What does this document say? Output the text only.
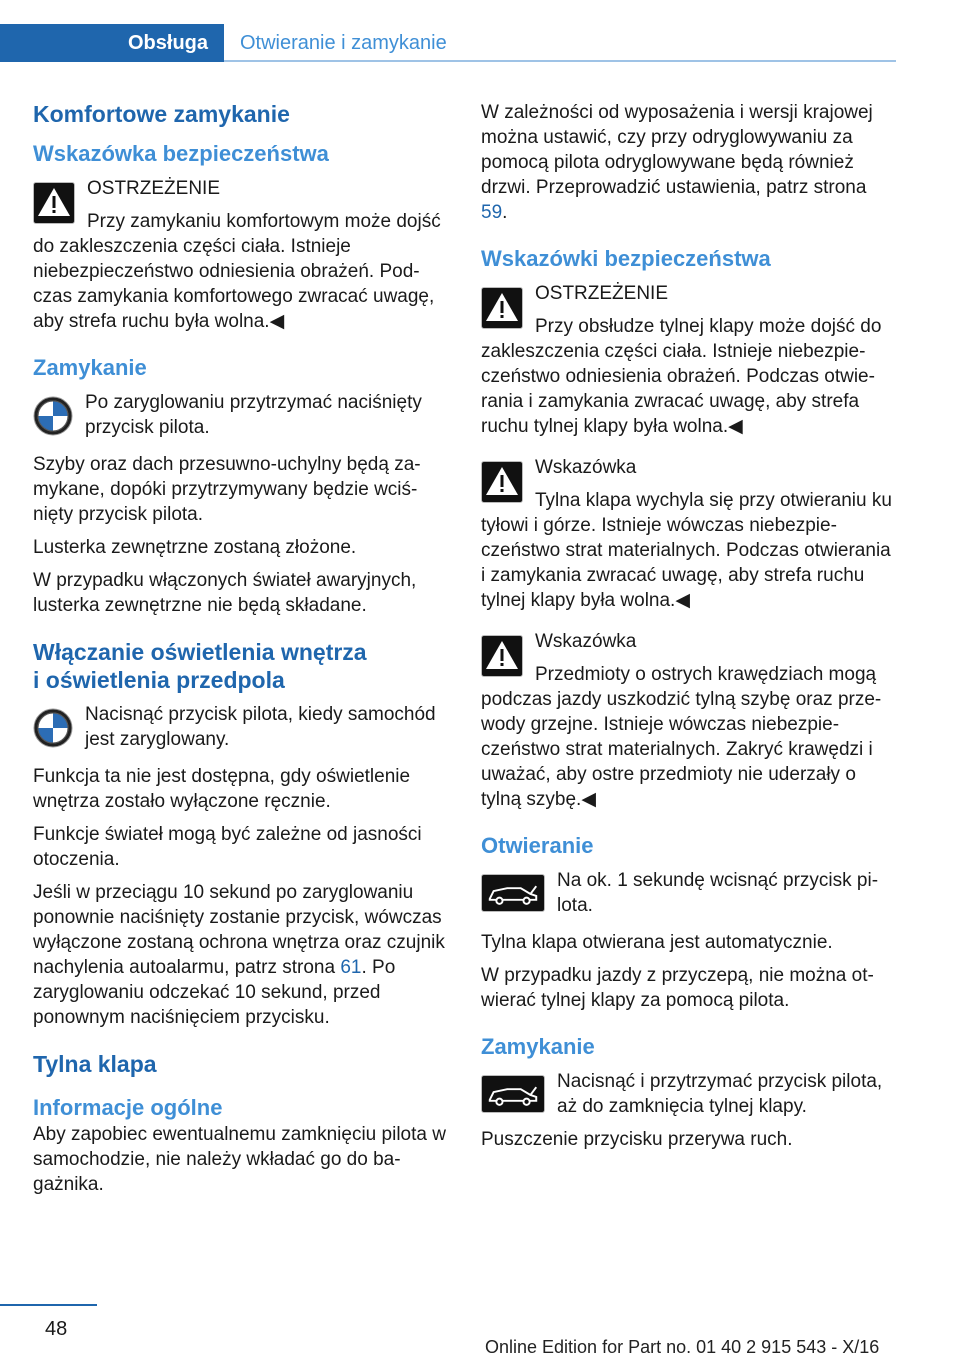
Obsługa Otwieranie i zamykanie
Komfortowe zamykanie
Wskazówka bezpieczeństwa

OSTRZEŻENIE

Przy zamykaniu komfortowym może dojść do zakleszczenia części ciała. Istnieje niebezpieczeństwo odniesienia obrażeń. Podczas zamykania komfortowego zwracać uwagę, aby strefa ruchu była wolna.◀

Zamykanie

Po zaryglowaniu przytrzymać naciśnięty przycisk pilota.

Szyby oraz dach przesuwno-uchylny będą zamykane, dopóki przytrzymywany będzie wciśnięty przycisk pilota.

Lusterka zewnętrzne zostaną złożone.

W przypadku włączonych świateł awaryjnych, lusterka zewnętrzne nie będą składane.

Włączanie oświetlenia wnętrza
i oświetlenia przedpola

Nacisnąć przycisk pilota, kiedy samochód jest zaryglowany.

Funkcja ta nie jest dostępna, gdy oświetlenie wnętrza zostało wyłączone ręcznie.

Funkcje świateł mogą być zależne od jasności otoczenia.

Jeśli w przeciągu 10 sekund po zaryglowaniu ponownie naciśnięty zostanie przycisk, wówczas wyłączone zostaną ochrona wnętrza oraz czujnik nachylenia autoalarmu, patrz strona 61. Po zaryglowaniu odczekać 10 sekund, przed ponownym naciśnięciem przycisku.

Tylna klapa
Informacje ogólne

Aby zapobiec ewentualnemu zamknięciu pilota w samochodzie, nie należy wkładać go do bagażnika.

W zależności od wyposażenia i wersji krajowej można ustawić, czy przy odryglowywaniu za pomocą pilota odryglowywane będą również drzwi. Przeprowadzić ustawienia, patrz strona 59.

Wskazówki bezpieczeństwa

OSTRZEŻENIE

Przy obsłudze tylnej klapy może dojść do zakleszczenia części ciała. Istnieje niebezpieczeństwo odniesienia obrażeń. Podczas otwierania i zamykania zwracać uwagę, aby strefa ruchu tylnej klapy była wolna.◀

Wskazówka

Tylna klapa wychyla się przy otwieraniu ku tyłowi i górze. Istnieje wówczas niebezpieczeństwo strat materialnych. Podczas otwierania i zamykania zwracać uwagę, aby strefa ruchu tylnej klapy była wolna.◀

Wskazówka

Przedmioty o ostrych krawędziach mogą podczas jazdy uszkodzić tylną szybę oraz przewody grzejne. Istnieje wówczas niebezpieczeństwo strat materialnych. Zakryć krawędzi i uważać, aby ostre przedmioty nie uderzały o tylną szybę.◀

Otwieranie

Na ok. 1 sekundę wcisnąć przycisk pilota.

Tylna klapa otwierana jest automatycznie.

W przypadku jazdy z przyczepą, nie można otwierać tylnej klapy za pomocą pilota.

Zamykanie

Nacisnąć i przytrzymać przycisk pilota, aż do zamknięcia tylnej klapy.

Puszczenie przycisku przerywa ruch.

48
Online Edition for Part no. 01 40 2 915 543 - X/16
